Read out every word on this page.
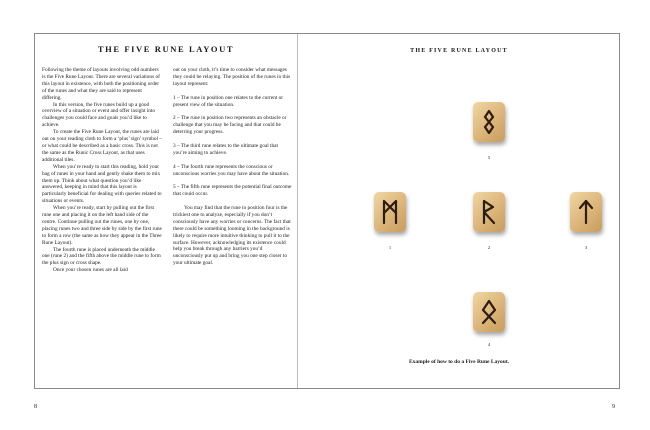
THE FIVE RUNE LAYOUT

Following the theme of layouts involving odd numbers is the Five Rune Layout. There are several variations of this layout in existence, with both the positioning order of the runes and what they are said to represent differing.

In this version, the five runes build up a good overview of a situation or event and offer insight into challenges you could face and goals you’d like to achieve.

To create the Five Rune Layout, the runes are laid out on your reading cloth to form a ‘plus’ sign’ symbol – or what could be described as a basic cross. This is not the same as the Runic Cross Layout, as that uses additional tiles.

When you’re ready to start this reading, hold your bag of runes in your hand and gently shake them to mix them up. Think about what question you’d like answered, keeping in mind that this layout is particularly beneficial for dealing with queries related to situations or events.

When you’re ready, start by pulling out the first rune one and placing it on the left hand side of the centre. Continue pulling out the runes, one by one, placing runes two and three side by side by the first rune to form a row (the same as how they appear in the Three Rune Layout).

The fourth rune is placed underneath the middle one (rune 2) and the fifth above the middle rune to form the plus sign or cross shape.

Once your chosen runes are all laid

out on your cloth, it’s time to consider what messages they could be relaying. The position of the runes in this layout represent:

1 – The rune in position one relates to the current or present view of the situation.

2 – The rune in position two represents an obstacle or challenge that you may be facing and that could be deterring your progress.

3 – The third rune relates to the ultimate goal that you’re aiming to achieve.

4 – The fourth rune represents the conscious or unconscious worries you may have about the situation.

5 – The fifth rune represents the potential final outcome that could occur.

You may find that the rune in position four is the trickiest one to analyze, especially if you don’t consciously have any worries or concerns. The fact that there could be something looming in the background is likely to require more intuitive thinking to pull it to the surface. However, acknowledging its existence could help you break through any barriers you’d unconsciously put up and bring you one step closer to your ultimate goal.

THE FIVE RUNE LAYOUT
5
1	2	3
4
Example of how to do a Five Rune Layout.
8	9
